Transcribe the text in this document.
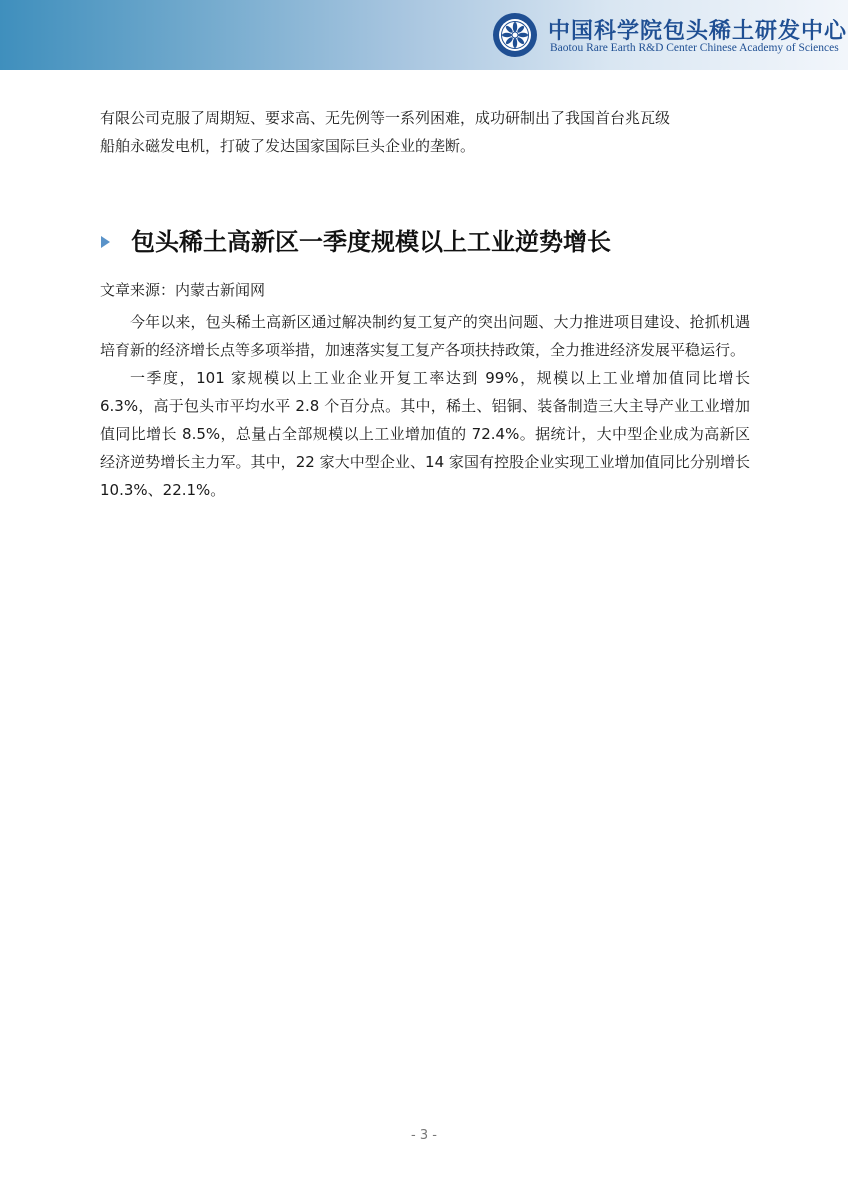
中国科学院包头稀土研发中心
Baotou Rare Earth R&D Center Chinese Academy of Sciences
有限公司克服了周期短、要求高、无先例等一系列困难，成功研制出了我国首台兆瓦级
船舶永磁发电机，打破了发达国家国际巨头企业的垄断。
包头稀土高新区一季度规模以上工业逆势增长

文章来源：内蒙古新闻网

今年以来，包头稀土高新区通过解决制约复工复产的突出问题、大力推进项目建设、抢抓机遇培育新的经济增长点等多项举措，加速落实复工复产各项扶持政策，全力推进经济发展平稳运行。

一季度，101 家规模以上工业企业开复工率达到 99%，规模以上工业增加值同比增长 6.3%，高于包头市平均水平 2.8 个百分点。其中，稀土、铝铜、装备制造三大主导产业工业增加值同比增长 8.5%，总量占全部规模以上工业增加值的 72.4%。据统计，大中型企业成为高新区经济逆势增长主力军。其中，22 家大中型企业、14 家国有控股企业实现工业增加值同比分别增长 10.3%、22.1%。

- 3 -
